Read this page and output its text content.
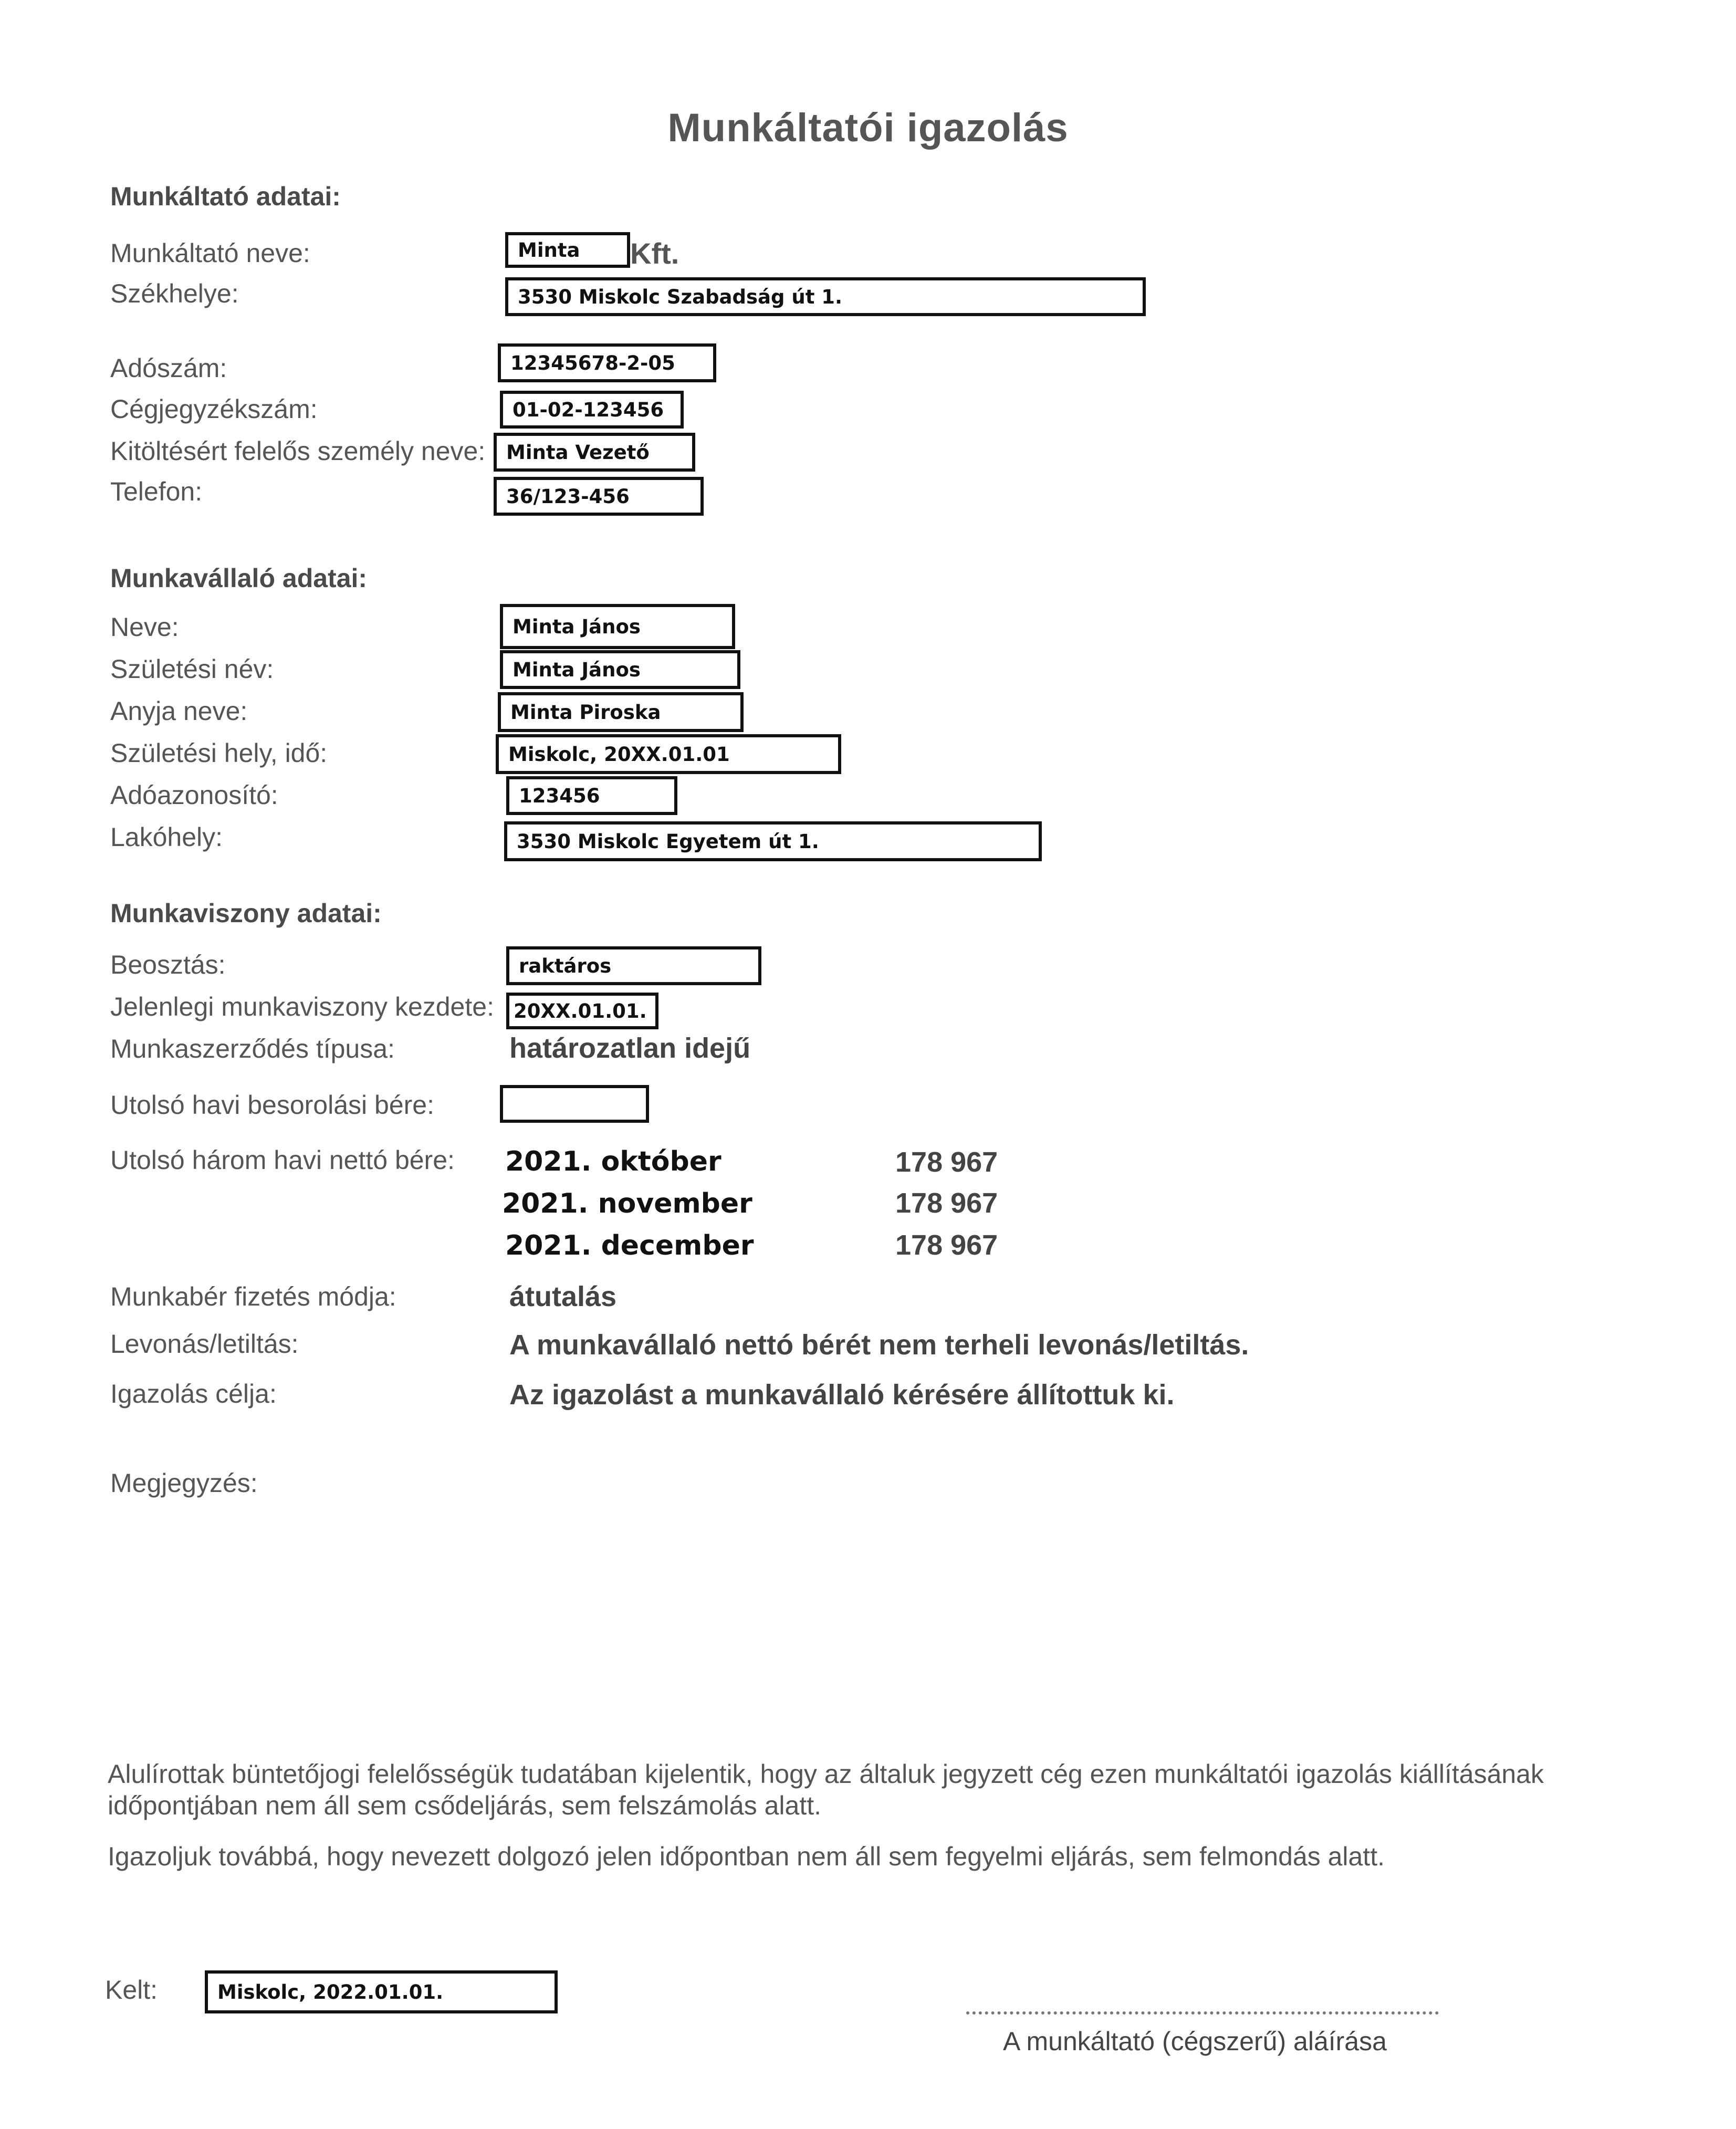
Munkáltatói igazolás
Munkáltató adatai:
Munkáltató neve:	Minta	Kft.
Székhelye:	3530 Miskolc Szabadság út 1.
Adószám:	12345678-2-05
Cégjegyzékszám:	01-02-123456
Kitöltésért felelős személy neve:	Minta Vezető
Telefon:	36/123-456
Munkavállaló adatai:
Neve:	Minta János
Születési név:	Minta János
Anyja neve:	Minta Piroska
Születési hely, idő:	Miskolc, 20XX.01.01
Adóazonosító:	123456
Lakóhely:	3530 Miskolc Egyetem út 1.
Munkaviszony adatai:
Beosztás:	raktáros
Jelenlegi munkaviszony kezdete:	20XX.01.01.
Munkaszerződés típusa:	határozatlan idejű
Utolsó havi besorolási bére:
Utolsó három havi nettó bére: 2021. október	178 967
2021. november	178 967
2021. december	178 967
Munkabér fizetés módja:	átutalás
Levonás/letiltás:	A munkavállaló nettó bérét nem terheli levonás/letiltás.
Igazolás célja:	Az igazolást a munkavállaló kérésére állítottuk ki.
Megjegyzés:
Alulírottak büntetőjogi felelősségük tudatában kijelentik, hogy az általuk jegyzett cég ezen munkáltatói igazolás kiállításának időpontjában nem áll sem csődeljárás, sem felszámolás alatt.
Igazoljuk továbbá, hogy nevezett dolgozó jelen időpontban nem áll sem fegyelmi eljárás, sem felmondás alatt.
Kelt:	Miskolc, 2022.01.01.
A munkáltató (cégszerű) aláírása
